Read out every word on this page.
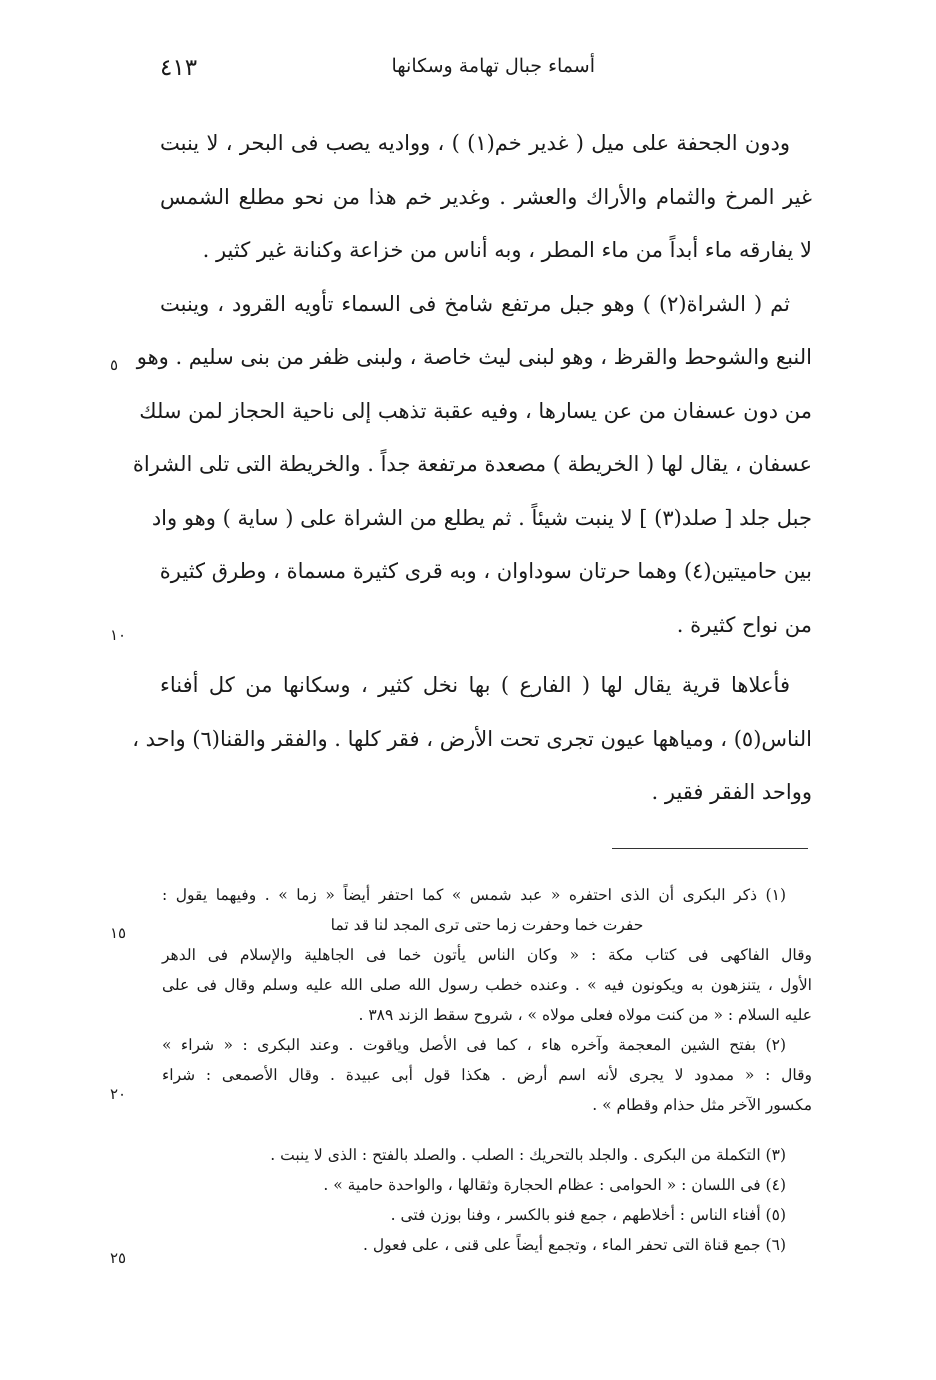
أسماء جبال تهامة وسكانها
٤١٣
ودون الجحفة على ميل ( غدير خم(١) ) ، وواديه يصب فى البحر ، لا ينبت
غير المرخ والثمام والأراك والعشر . وغدير خم هذا من نحو مطلع الشمس
لا يفارقه ماء أبداً من ماء المطر ، وبه أناس من خزاعة وكنانة غير كثير .
ثم ( الشراة(٢) ) وهو جبل مرتفع شامخ فى السماء تأويه القرود ، وينبت
النبع والشوحط والقرظ ، وهو لبنى ليث خاصة ، ولبنى ظفر من بنى سليم . وهو
من دون عسفان من عن يسارها ، وفيه عقبة تذهب إلى ناحية الحجاز لمن سلك
عسفان ، يقال لها ( الخريطة ) مصعدة مرتفعة جداً . والخريطة التى تلى الشراة
جبل جلد [ صلد(٣) ] لا ينبت شيئاً . ثم يطلع من الشراة على ( ساية ) وهو واد
بين حاميتين(٤) وهما حرتان سوداوان ، وبه قرى كثيرة مسماة ، وطرق كثيرة
من نواح كثيرة .
فأعلاها قرية يقال لها ( الفارع ) بها نخل كثير ، وسكانها من كل أفناء
الناس(٥) ، ومياهها عيون تجرى تحت الأرض ، فقر كلها . والفقر والقنا(٦) واحد ،
وواحد الفقر فقير .
٥
١٠
(١) ذكر البكرى أن الذى احتفره « عبد شمس » كما احتفر أيضاً « زما » . وفيهما يقول :
حفرت خما وحفرت زما حتى ترى المجد لنا قد تما
وقال الفاكهى فى كتاب مكة : « وكان الناس يأتون خما فى الجاهلية والإسلام فى الدهر
الأول ، يتنزهون به ويكونون فيه » . وعنده خطب رسول الله صلى الله عليه وسلم وقال فى على
عليه السلام : « من كنت مولاه فعلى مولاه » ، شروح سقط الزند ٣٨٩ .
(٢) بفتح الشين المعجمة وآخره هاء ، كما فى الأصل وياقوت . وعند البكرى : « شراء »
وقال : « ممدود لا يجرى لأنه اسم أرض . هكذا قول أبى عبيدة . وقال الأصمعى : شراء
مكسور الآخر مثل حذام وقطام » .
(٣) التكملة من البكرى . والجلد بالتحريك : الصلب . والصلد بالفتح : الذى لا ينبت .
(٤) فى اللسان : « الحوامى : عظام الحجارة وثقالها ، والواحدة حامية » .
(٥) أفناء الناس : أخلاطهم ، جمع فنو بالكسر ، وفنا بوزن فتى .
(٦) جمع قناة التى تحفر الماء ، وتجمع أيضاً على قنى ، على فعول .
١٥
٢٠
٢٥
